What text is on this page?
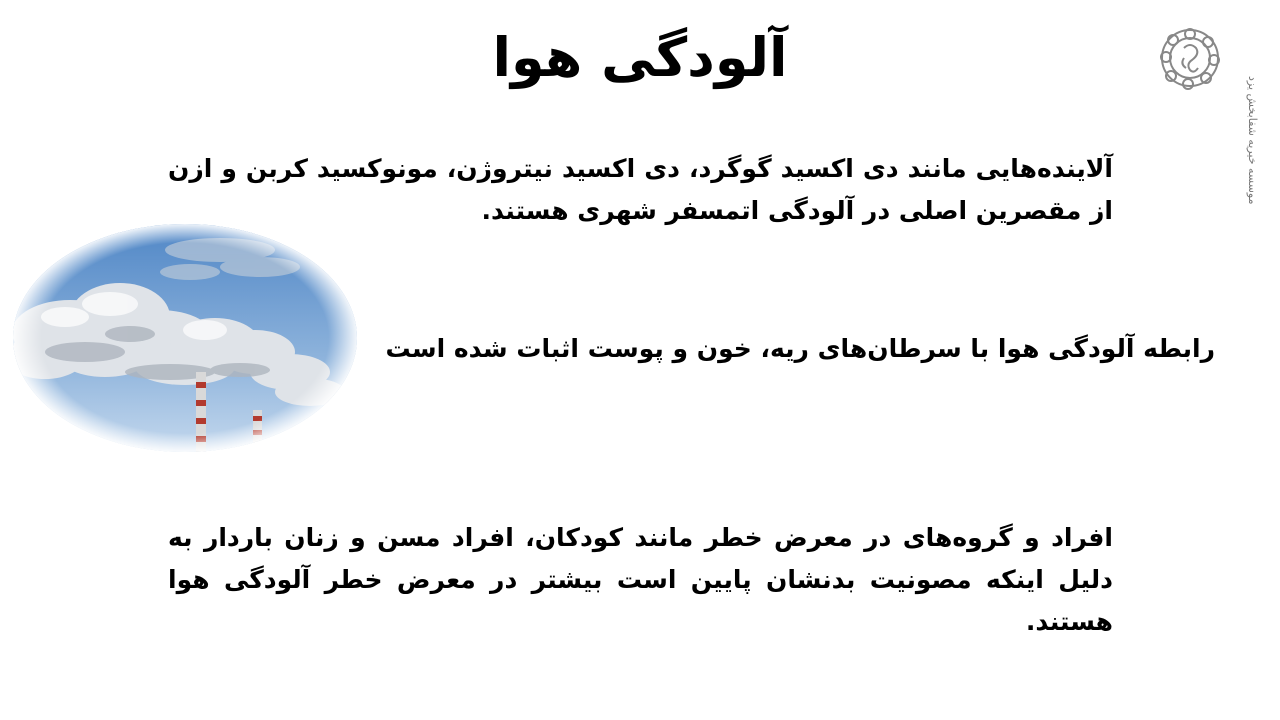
آلودگی هوا
آلاینده‌هایی مانند دی اکسید گوگرد، دی اکسید نیتروژن، مونوکسید کربن و ازن از مقصرین اصلی در آلودگی اتمسفر شهری هستند.
رابطه آلودگی هوا با سرطان‌های ریه، خون و پوست اثبات شده است
افراد و گروه‌های در معرض خطر مانند کودکان، افراد مسن و زنان باردار به دلیل اینکه مصونیت بدنشان پایین است بیشتر در معرض خطر آلودگی هوا هستند.
موسسه خیریه شفابخش یزد
